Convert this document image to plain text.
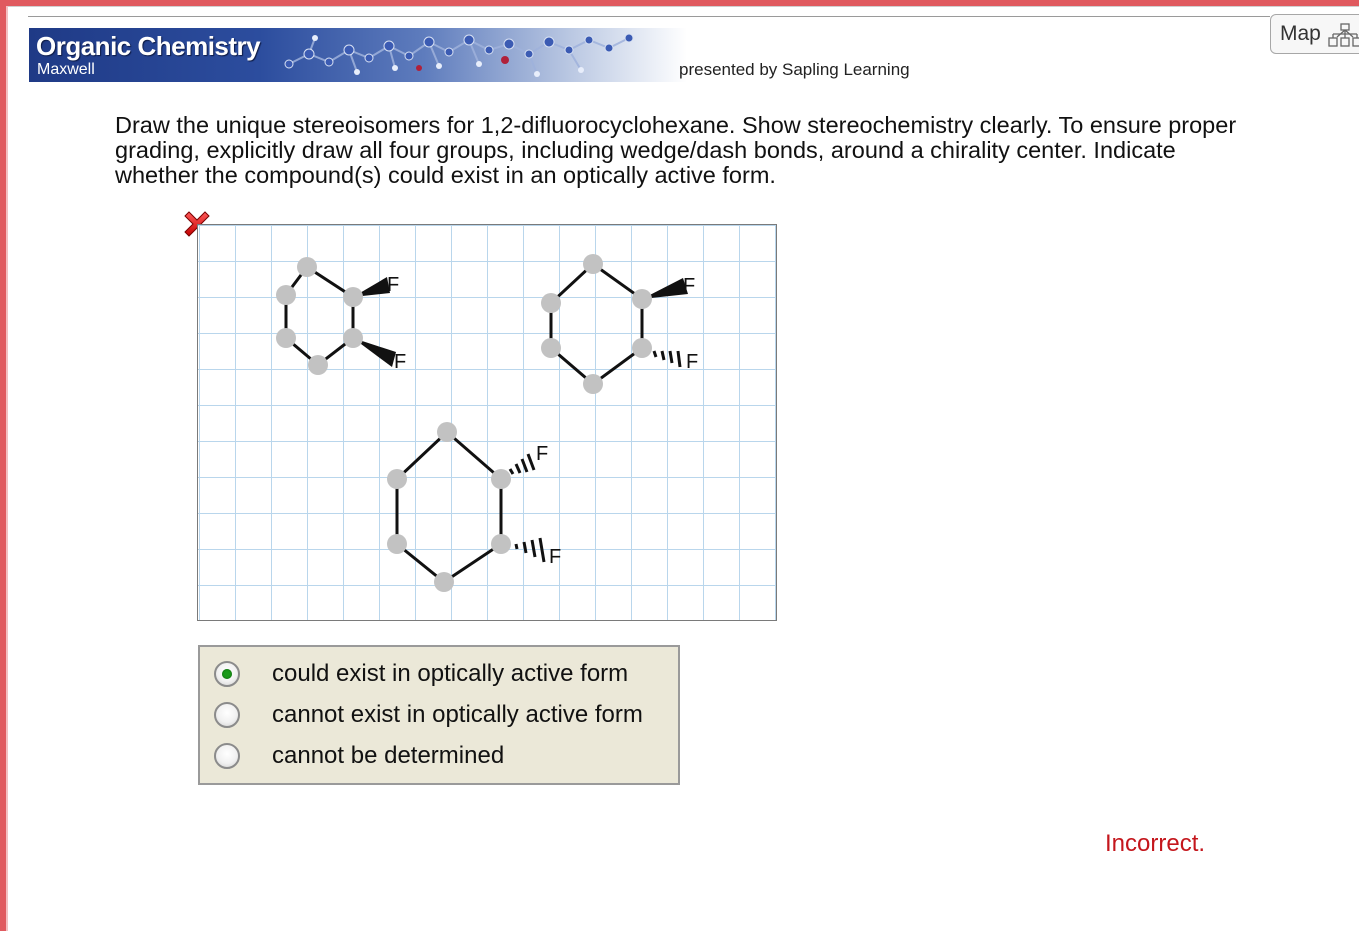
Organic Chemistry
Maxwell	presented by Sapling Learning
Map
Draw the unique stereoisomers for 1,2-difluorocyclohexane. Show stereochemistry clearly. To ensure proper grading, explicitly draw all four groups, including wedge/dash bonds, around a chirality center. Indicate whether the compound(s) could exist in an optically active form.
F
F
F
F
F
F
could exist in optically active form
cannot exist in optically active form
cannot be determined
Incorrect.
